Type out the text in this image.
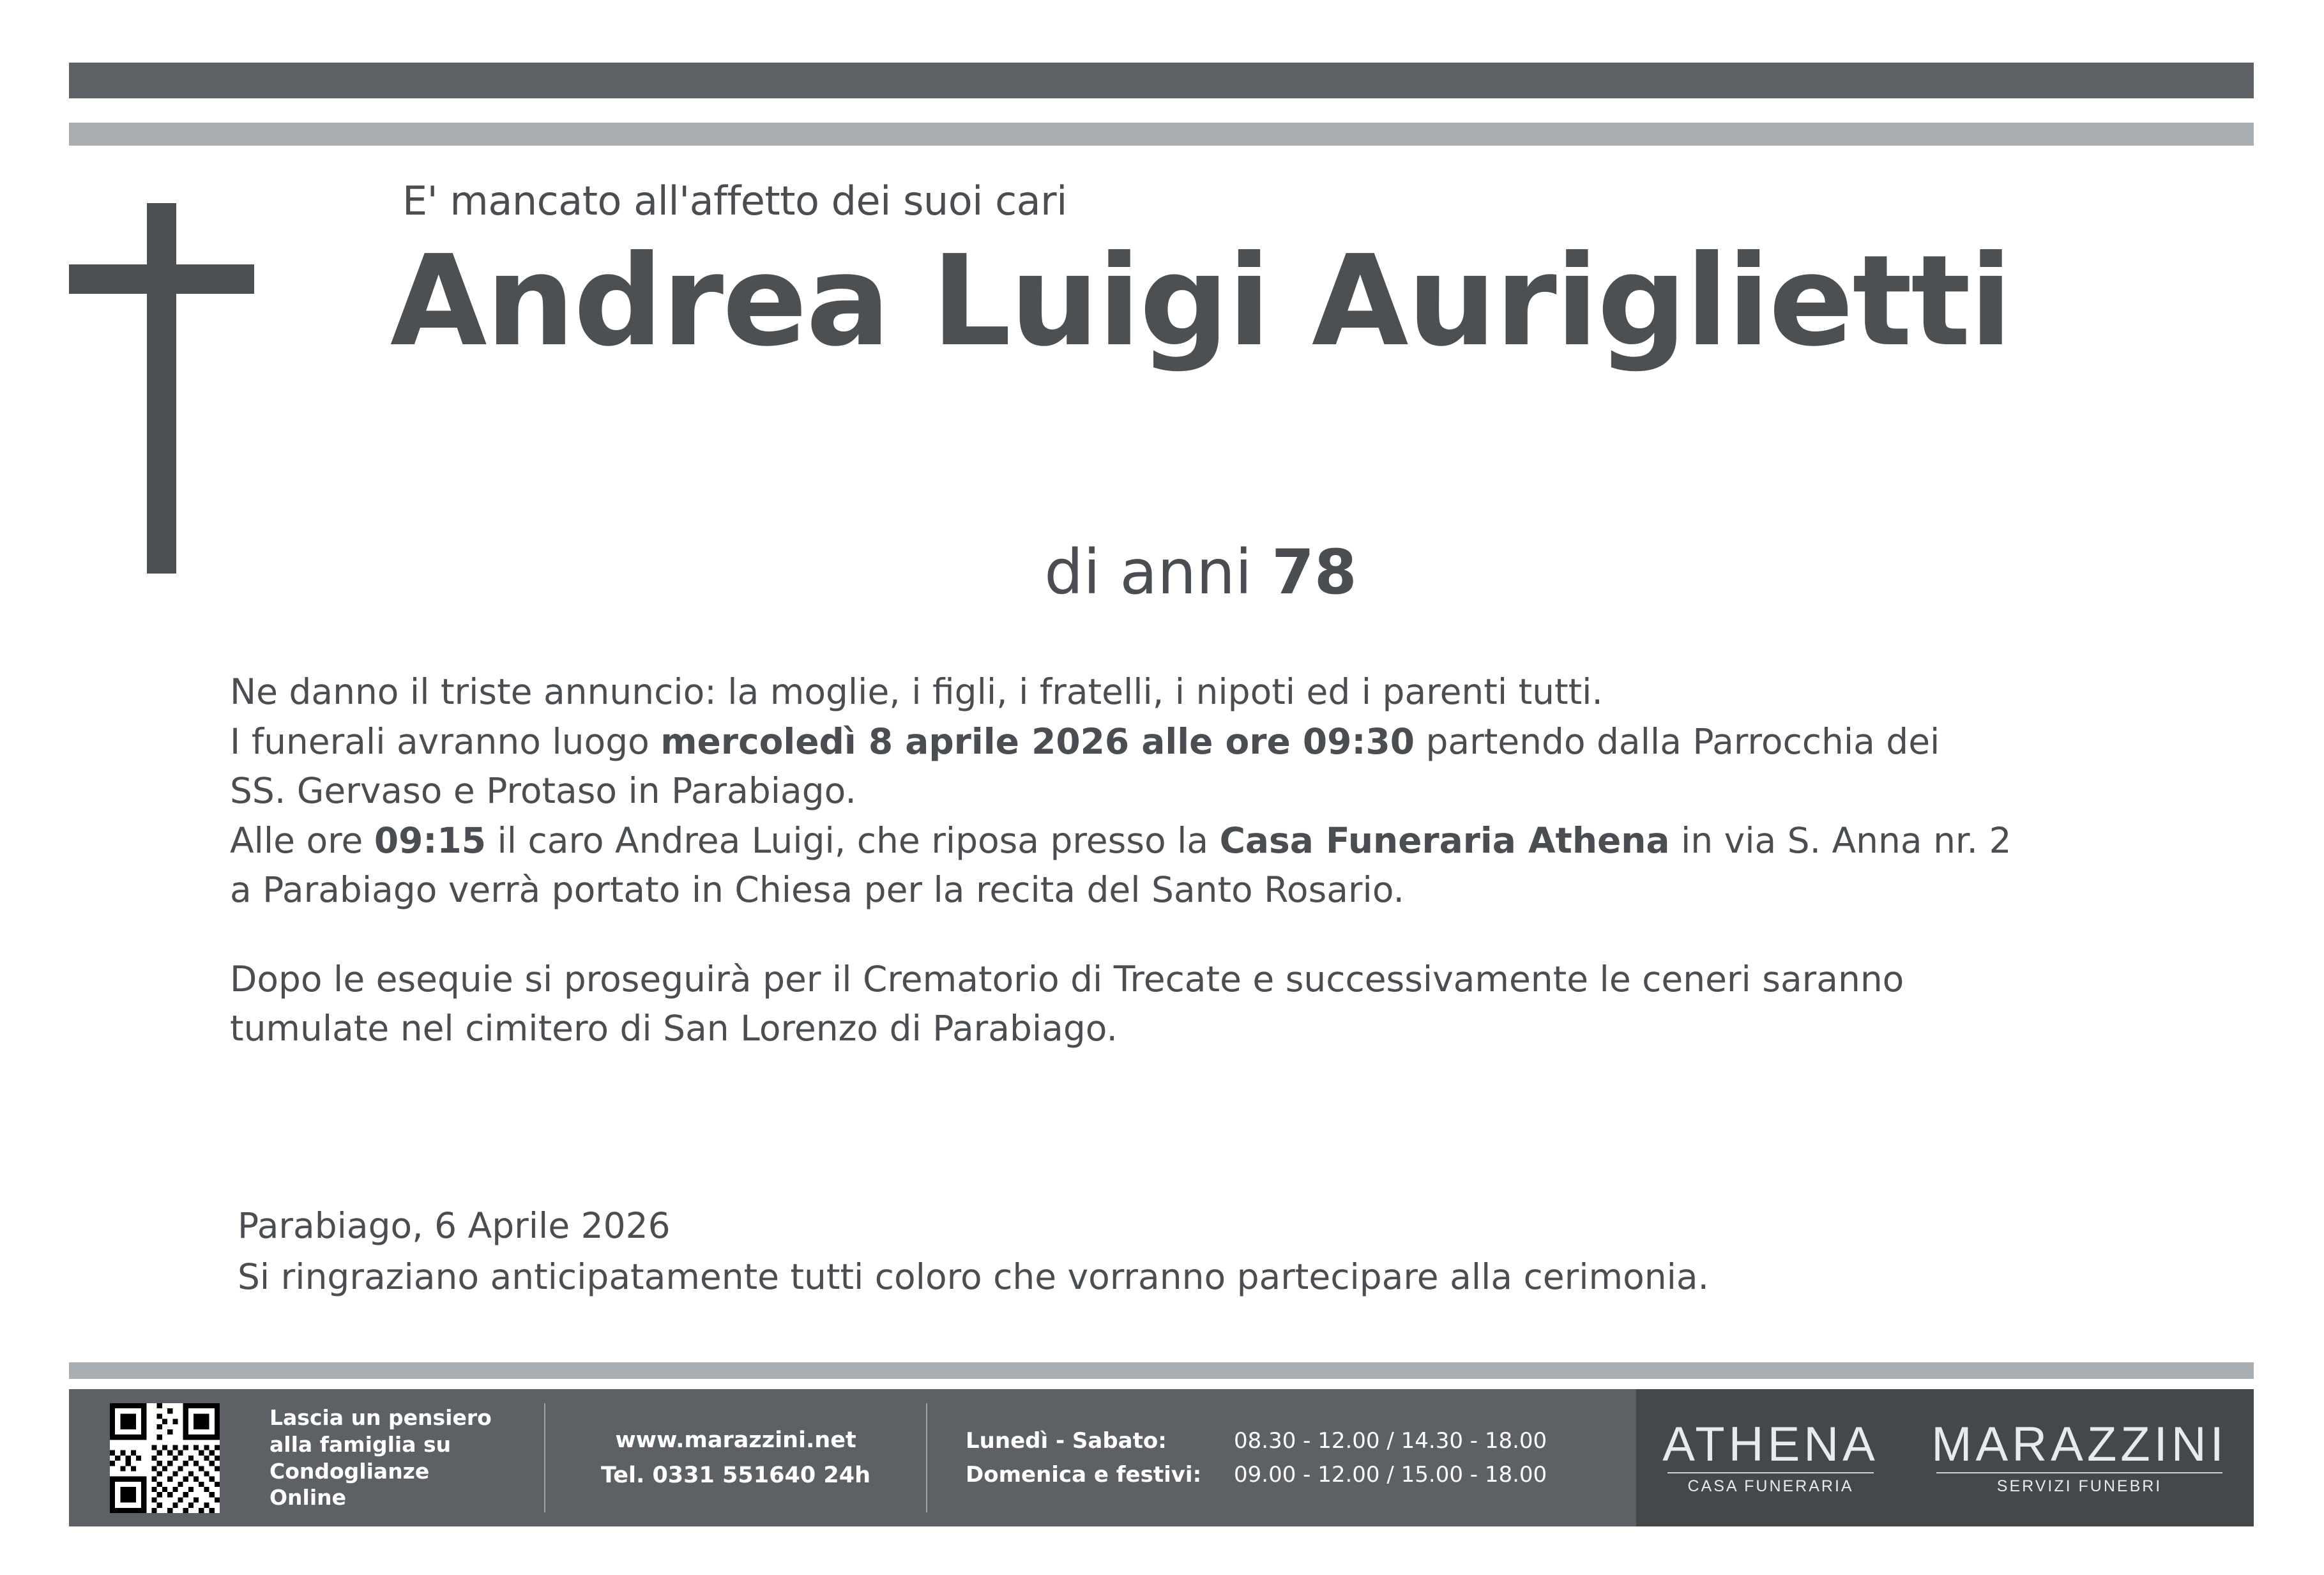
E' mancato all'affetto dei suoi cari
Andrea Luigi Auriglietti
di anni 78

Ne danno il triste annuncio: la moglie, i figli, i fratelli, i nipoti ed i parenti tutti.

I funerali avranno luogo mercoledì 8 aprile 2026 alle ore 09:30 partendo dalla Parrocchia dei

SS. Gervaso e Protaso in Parabiago.

Alle ore 09:15 il caro Andrea Luigi, che riposa presso la Casa Funeraria Athena in via S. Anna nr. 2

a Parabiago verrà portato in Chiesa per la recita del Santo Rosario.

Dopo le esequie si proseguirà per il Crematorio di Trecate e successivamente le ceneri saranno

tumulate nel cimitero di San Lorenzo di Parabiago.

Parabiago, 6 Aprile 2026

Si ringraziano anticipatamente tutti coloro che vorranno partecipare alla cerimonia.

Lascia un pensiero
alla famiglia su
Condoglianze
Online
www.marazzini.net
Tel. 0331 551640 24h
Lunedì - Sabato:	08.30 - 12.00 / 14.30 - 18.00
Domenica e festivi:	09.00 - 12.00 / 15.00 - 18.00
ATHENA
CASA FUNERARIA
MARAZZINI
SERVIZI FUNEBRI
